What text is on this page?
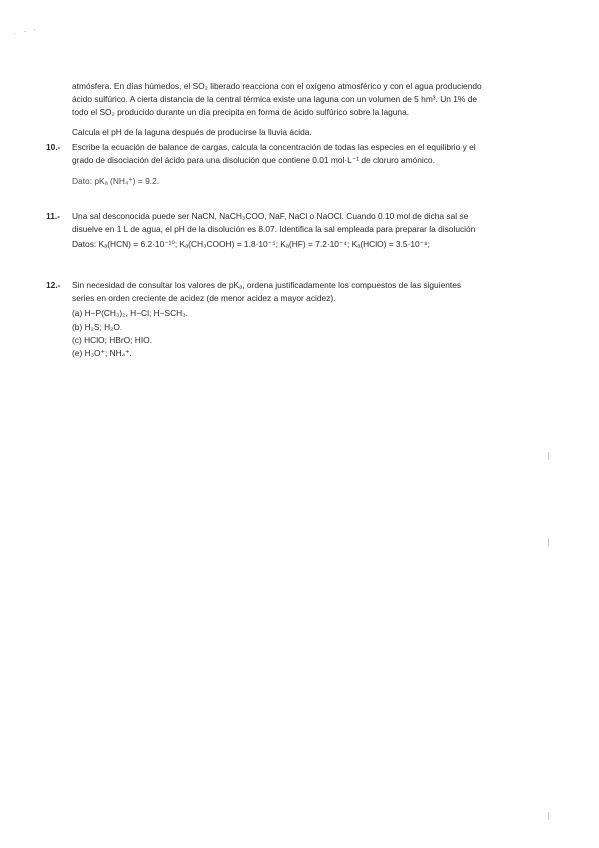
. - '
atmósfera. En días húmedos, el SO₂ liberado reacciona con el oxígeno atmosférico y con el agua produciendo
ácido sulfúrico. A cierta distancia de la central térmica existe una laguna con un volumen de 5 hm³. Un 1% de
todo el SO₂ producido durante un día precipita en forma de ácido sulfúrico sobre la laguna.
Calcula el pH de la laguna después de producirse la lluvia ácida.
10.-	Escribe la ecuación de balance de cargas, calcula la concentración de todas las especies en el equilibrio y el
grado de disociación del ácido para una disolución que contiene 0.01 mol·L⁻¹ de cloruro amónico.
Dato: pKₐ (NH₄⁺) = 9.2.
11.-	Una sal desconocida puede ser NaCN, NaCH₃COO, NaF, NaCl o NaOCl. Cuando 0.10 mol de dicha sal se
disuelve en 1 L de agua, el pH de la disolución es 8.07. Identifica la sal empleada para preparar la disolución
Datos: Kₐ(HCN) = 6.2·10⁻¹⁰; Kₐ(CH₃COOH) = 1.8·10⁻⁵; Kₐ(HF) = 7.2·10⁻⁴; Kₐ(HClO) = 3.5·10⁻⁸;
12.-	Sin necesidad de consultar los valores de pKₐ, ordena justificadamente los compuestos de las siguientes
series en orden creciente de acidez (de menor acidez a mayor acidez).
(a) H−P(CH₃)₂, H−Cl; H−SCH₃.
(b) H₂S; H₂O.
(c) HClO; HBrO; HIO.
(e) H₃O⁺; NH₄⁺.
